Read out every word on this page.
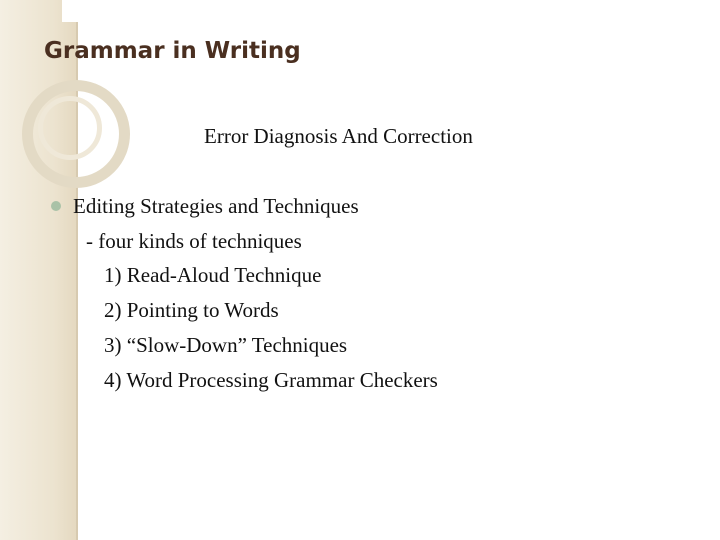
Grammar in Writing

Error Diagnosis And Correction

Editing Strategies and Techniques

- four kinds of techniques

1) Read-Aloud Technique

2) Pointing to Words

3) “Slow-Down” Techniques

4) Word Processing Grammar Checkers
